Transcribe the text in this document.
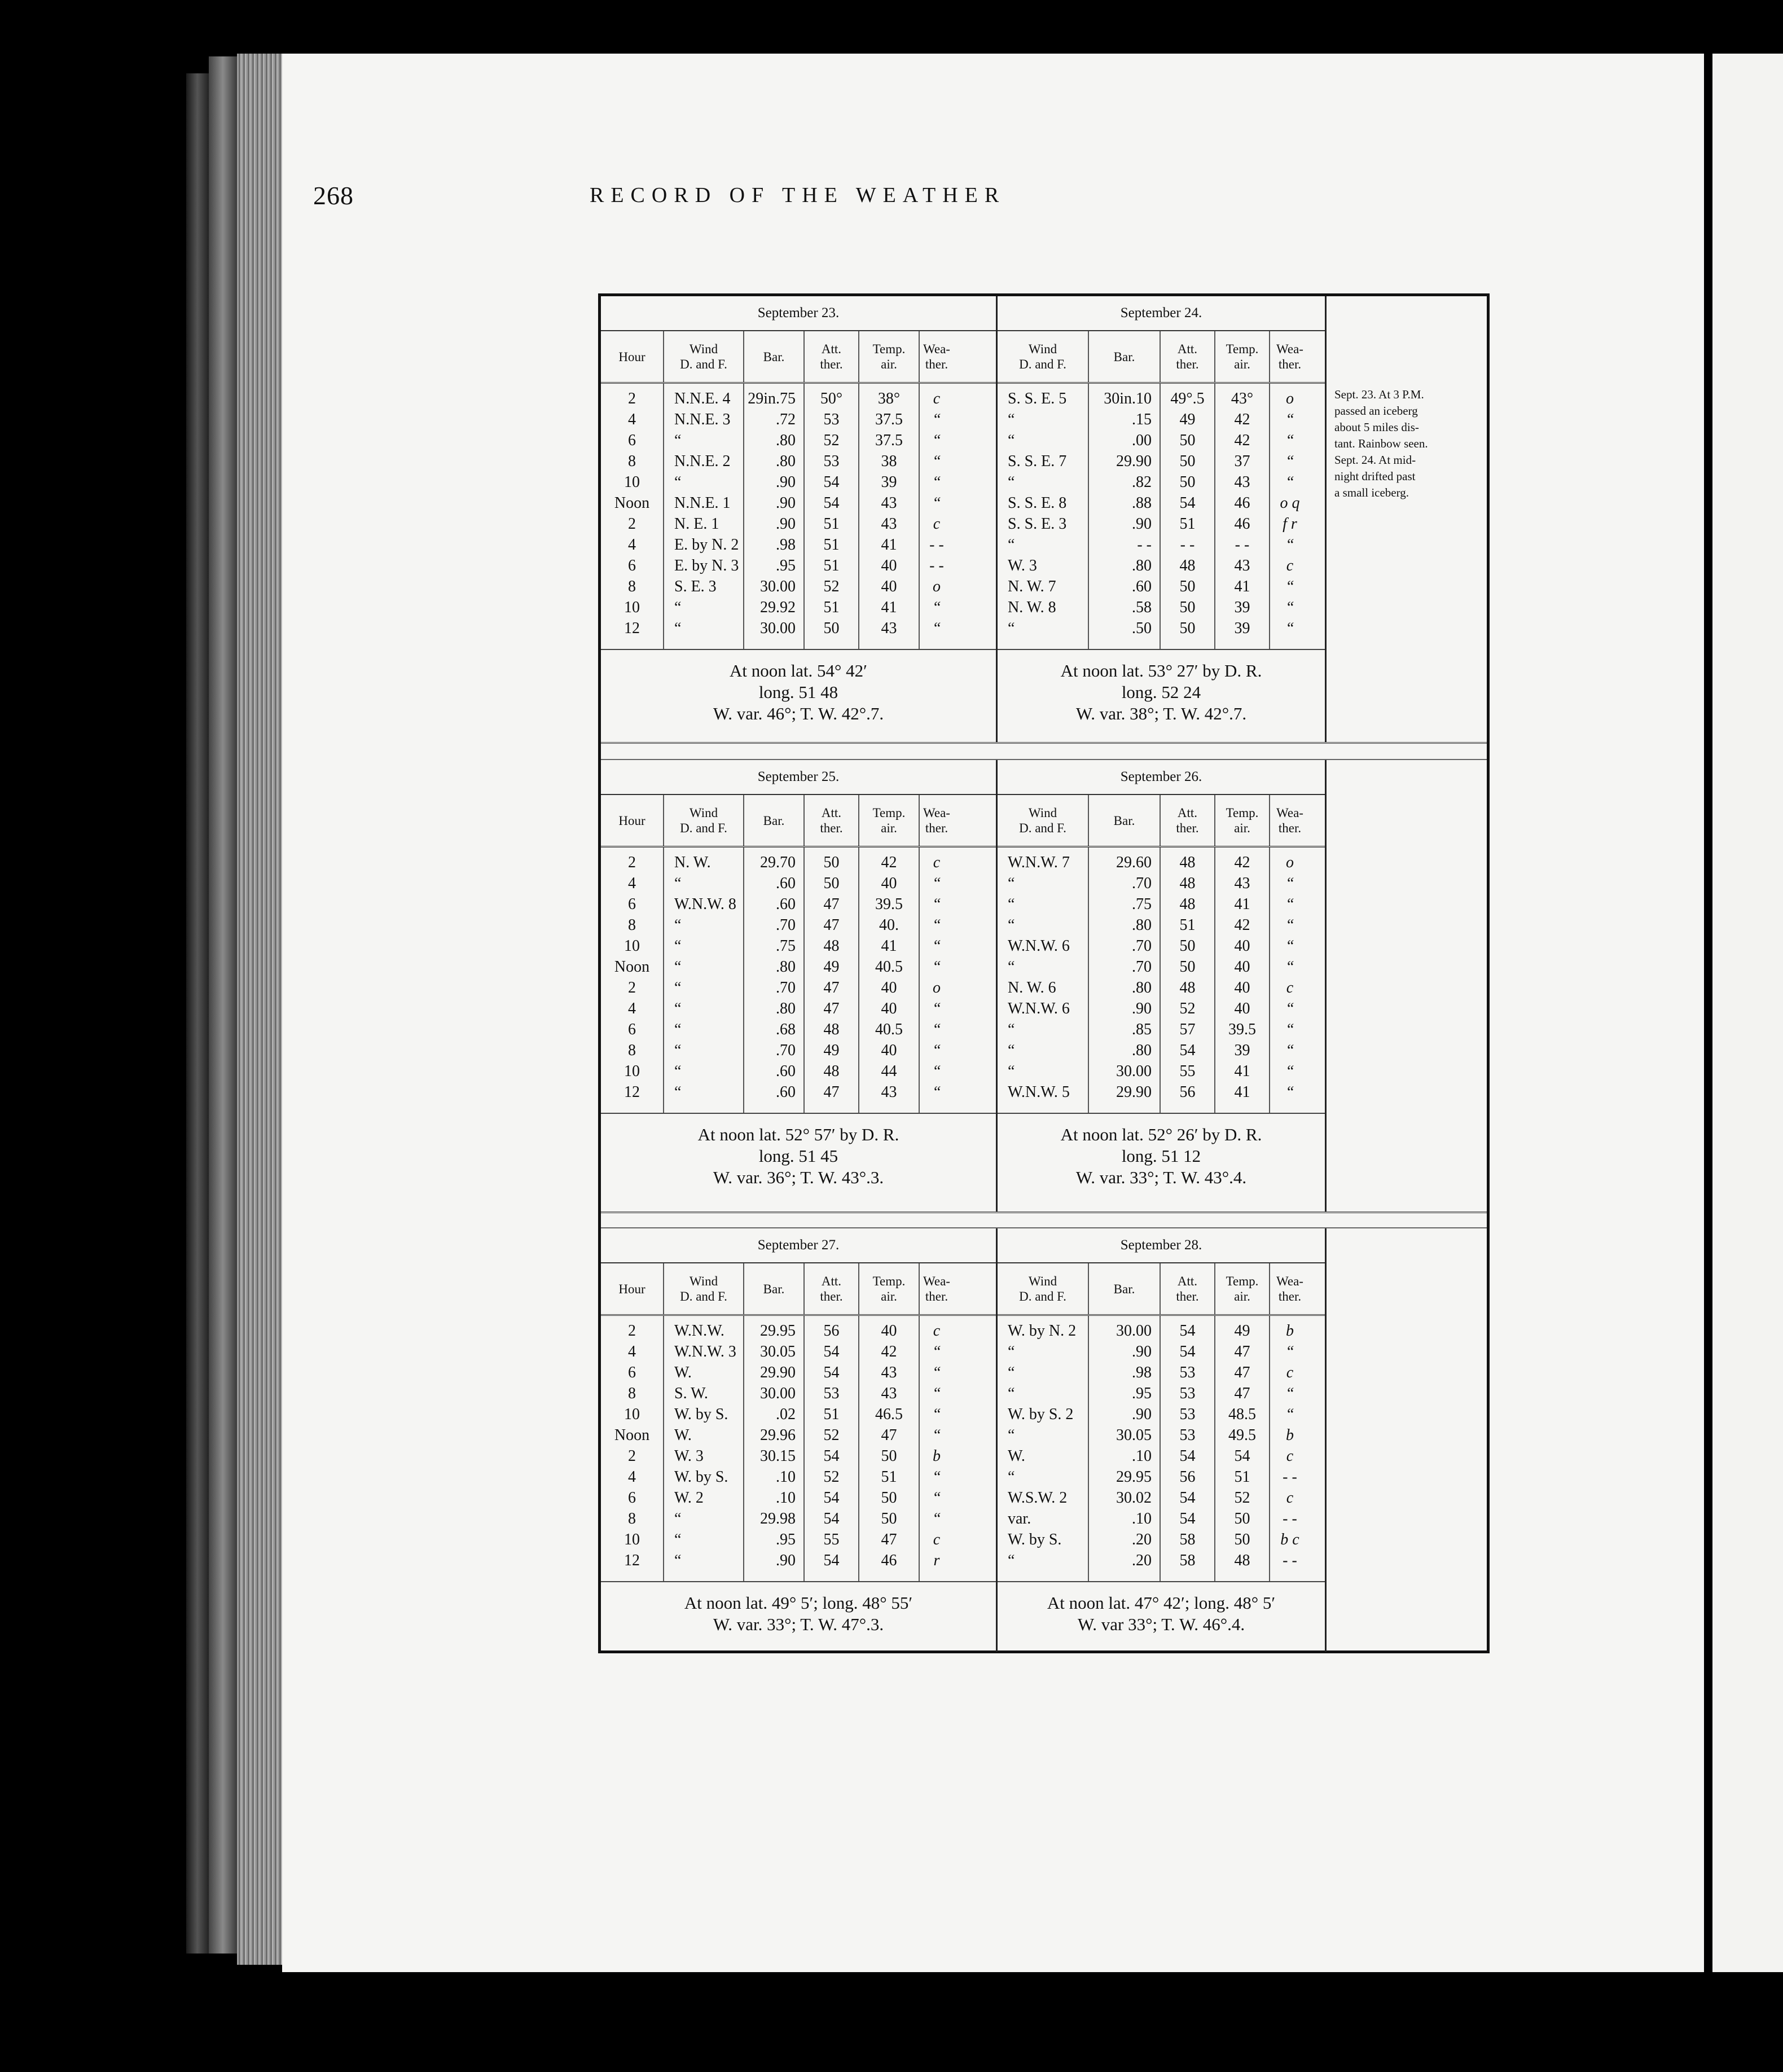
268	RECORD OF THE WEATHER
September 23.
Hour
Wind
D. and F.
Bar.
Att.
ther.
Temp.
air.
Wea-
ther.
2
4
6
8
10
Noon
2
4
6
8
10
12
N.N.E. 4
N.N.E. 3
“
N.N.E. 2
“
N.N.E. 1
N. E. 1
E. by N. 2
E. by N. 3
S. E. 3
“
“
29in.75
.72
.80
.80
.90
.90
.90
.98
.95
30.00
29.92
30.00
50°
53
52
53
54
54
51
51
51
52
51
50
38°
37.5
37.5
38
39
43
43
41
40
40
41
43
c
“
“
“
“
“
c
- -
- -
o
“
“
At noon lat. 54° 42′
long. 51 48
W. var. 46°; T. W. 42°.7.
September 24.
Wind
D. and F.
Bar.
Att.
ther.
Temp.
air.
Wea-
ther.
S. S. E. 5
“
“
S. S. E. 7
“
S. S. E. 8
S. S. E. 3
“
W. 3
N. W. 7
N. W. 8
“
30in.10
.15
.00
29.90
.82
.88
.90
- -
.80
.60
.58
.50
49°.5
49
50
50
50
54
51
- -
48
50
50
50
43°
42
42
37
43
46
46
- -
43
41
39
39
o
“
“
“
“
o q
f r
“
c
“
“
“
At noon lat. 53° 27′ by D. R.
long. 52 24
W. var. 38°; T. W. 42°.7.
Sept. 23. At 3 P.M.
passed an iceberg
about 5 miles dis-
tant. Rainbow seen.
Sept. 24. At mid-
night drifted past
a small iceberg.
September 25.
Hour
Wind
D. and F.
Bar.
Att.
ther.
Temp.
air.
Wea-
ther.
2
4
6
8
10
Noon
2
4
6
8
10
12
N. W.
“
W.N.W. 8
“
“
“
“
“
“
“
“
“
29.70
.60
.60
.70
.75
.80
.70
.80
.68
.70
.60
.60
50
50
47
47
48
49
47
47
48
49
48
47
42
40
39.5
40.
41
40.5
40
40
40.5
40
44
43
c
“
“
“
“
“
o
“
“
“
“
“
At noon lat. 52° 57′ by D. R.
long. 51 45
W. var. 36°; T. W. 43°.3.
September 26.
Wind
D. and F.
Bar.
Att.
ther.
Temp.
air.
Wea-
ther.
W.N.W. 7
“
“
“
W.N.W. 6
“
N. W. 6
W.N.W. 6
“
“
“
W.N.W. 5
29.60
.70
.75
.80
.70
.70
.80
.90
.85
.80
30.00
29.90
48
48
48
51
50
50
48
52
57
54
55
56
42
43
41
42
40
40
40
40
39.5
39
41
41
o
“
“
“
“
“
c
“
“
“
“
“
At noon lat. 52° 26′ by D. R.
long. 51 12
W. var. 33°; T. W. 43°.4.
September 27.
Hour
Wind
D. and F.
Bar.
Att.
ther.
Temp.
air.
Wea-
ther.
2
4
6
8
10
Noon
2
4
6
8
10
12
W.N.W.
W.N.W. 3
W.
S. W.
W. by S.
W.
W. 3
W. by S.
W. 2
“
“
“
29.95
30.05
29.90
30.00
.02
29.96
30.15
.10
.10
29.98
.95
.90
56
54
54
53
51
52
54
52
54
54
55
54
40
42
43
43
46.5
47
50
51
50
50
47
46
c
“
“
“
“
“
b
“
“
“
c
r
At noon lat. 49° 5′; long. 48° 55′
W. var. 33°; T. W. 47°.3.
September 28.
Wind
D. and F.
Bar.
Att.
ther.
Temp.
air.
Wea-
ther.
W. by N. 2
“
“
“
W. by S. 2
“
W.
“
W.S.W. 2
var.
W. by S.
“
30.00
.90
.98
.95
.90
30.05
.10
29.95
30.02
.10
.20
.20
54
54
53
53
53
53
54
56
54
54
58
58
49
47
47
47
48.5
49.5
54
51
52
50
50
48
b
“
c
“
“
b
c
- -
c
- -
b c
- -
At noon lat. 47° 42′; long. 48° 5′
W. var 33°; T. W. 46°.4.
